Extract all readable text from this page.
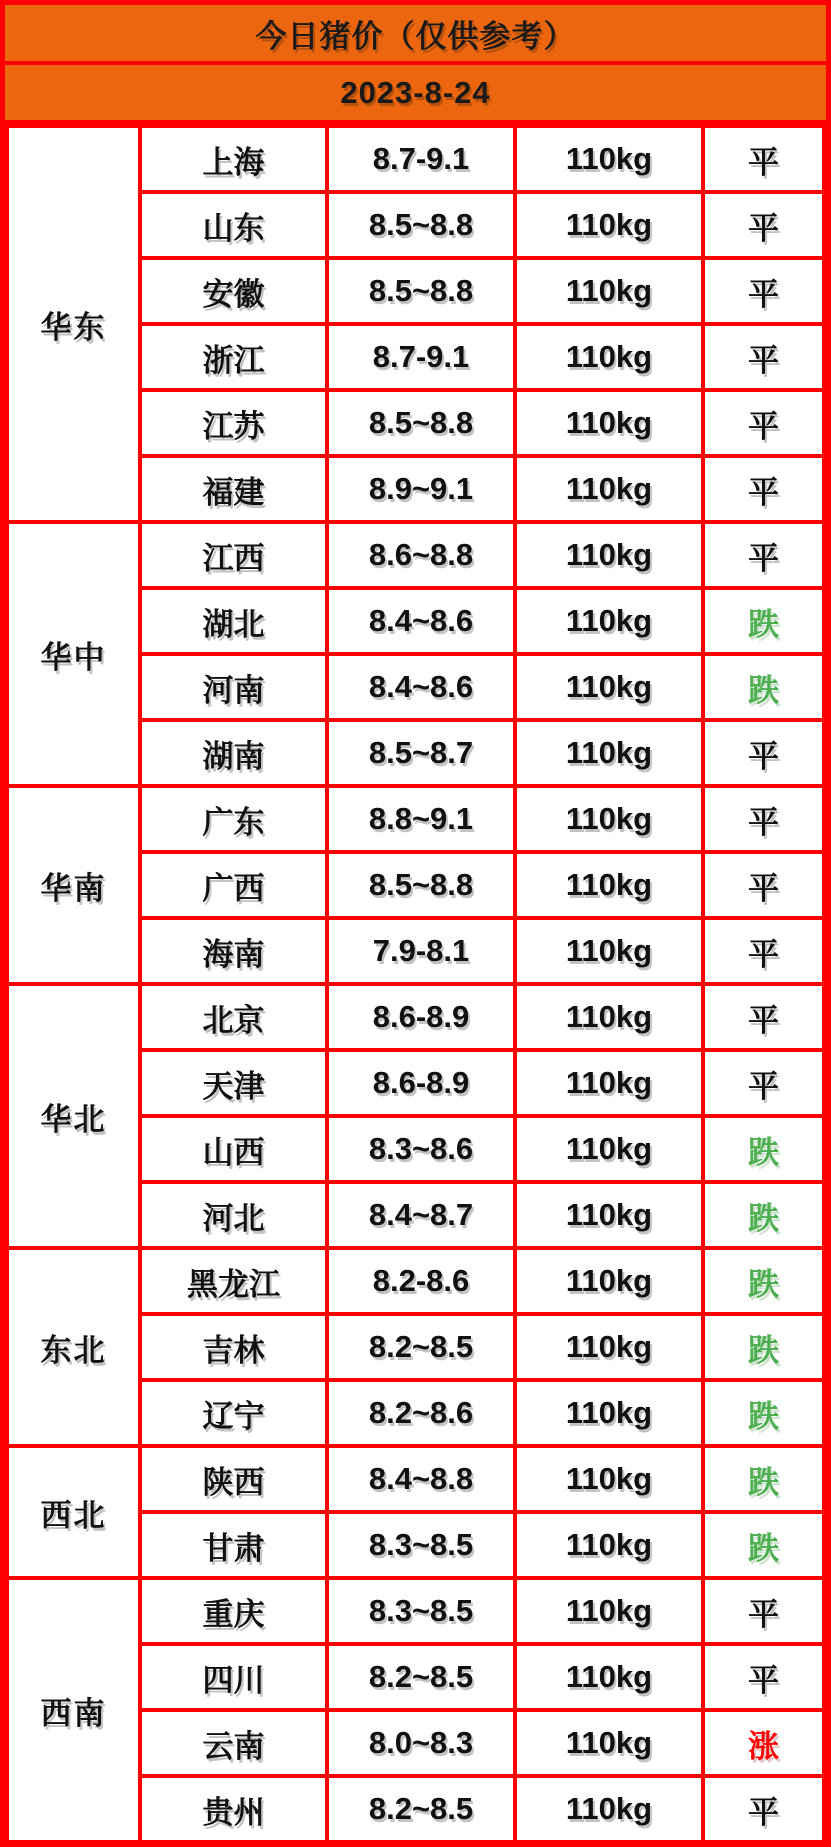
今日猪价（仅供参考）
2023-8-24
华东	上海	8.7-9.1	110kg	平
	山东	8.5~8.8	110kg	平
	安徽	8.5~8.8	110kg	平
	浙江	8.7-9.1	110kg	平
	江苏	8.5~8.8	110kg	平
	福建	8.9~9.1	110kg	平
华中	江西	8.6~8.8	110kg	平
	湖北	8.4~8.6	110kg	跌
	河南	8.4~8.6	110kg	跌
	湖南	8.5~8.7	110kg	平
华南	广东	8.8~9.1	110kg	平
	广西	8.5~8.8	110kg	平
	海南	7.9-8.1	110kg	平
华北	北京	8.6-8.9	110kg	平
	天津	8.6-8.9	110kg	平
	山西	8.3~8.6	110kg	跌
	河北	8.4~8.7	110kg	跌
东北	黑龙江	8.2-8.6	110kg	跌
	吉林	8.2~8.5	110kg	跌
	辽宁	8.2~8.6	110kg	跌
西北	陕西	8.4~8.8	110kg	跌
	甘肃	8.3~8.5	110kg	跌
西南	重庆	8.3~8.5	110kg	平
	四川	8.2~8.5	110kg	平
	云南	8.0~8.3	110kg	涨
	贵州	8.2~8.5	110kg	平
